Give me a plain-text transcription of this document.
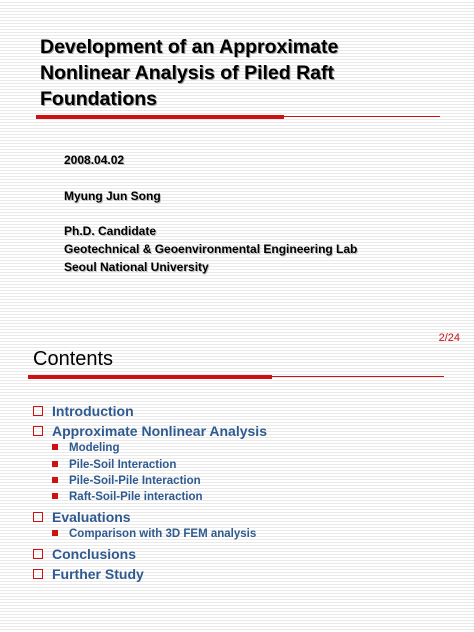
Development of an Approximate
Nonlinear Analysis of Piled Raft
Foundations
2008.04.02
Myung Jun Song
Ph.D. Candidate
Geotechnical & Geoenvironmental Engineering Lab
Seoul National University
2/24
Contents
Introduction
Approximate Nonlinear Analysis
Modeling
Pile-Soil Interaction
Pile-Soil-Pile Interaction
Raft-Soil-Pile interaction
Evaluations
Comparison with 3D FEM analysis
Conclusions
Further Study
